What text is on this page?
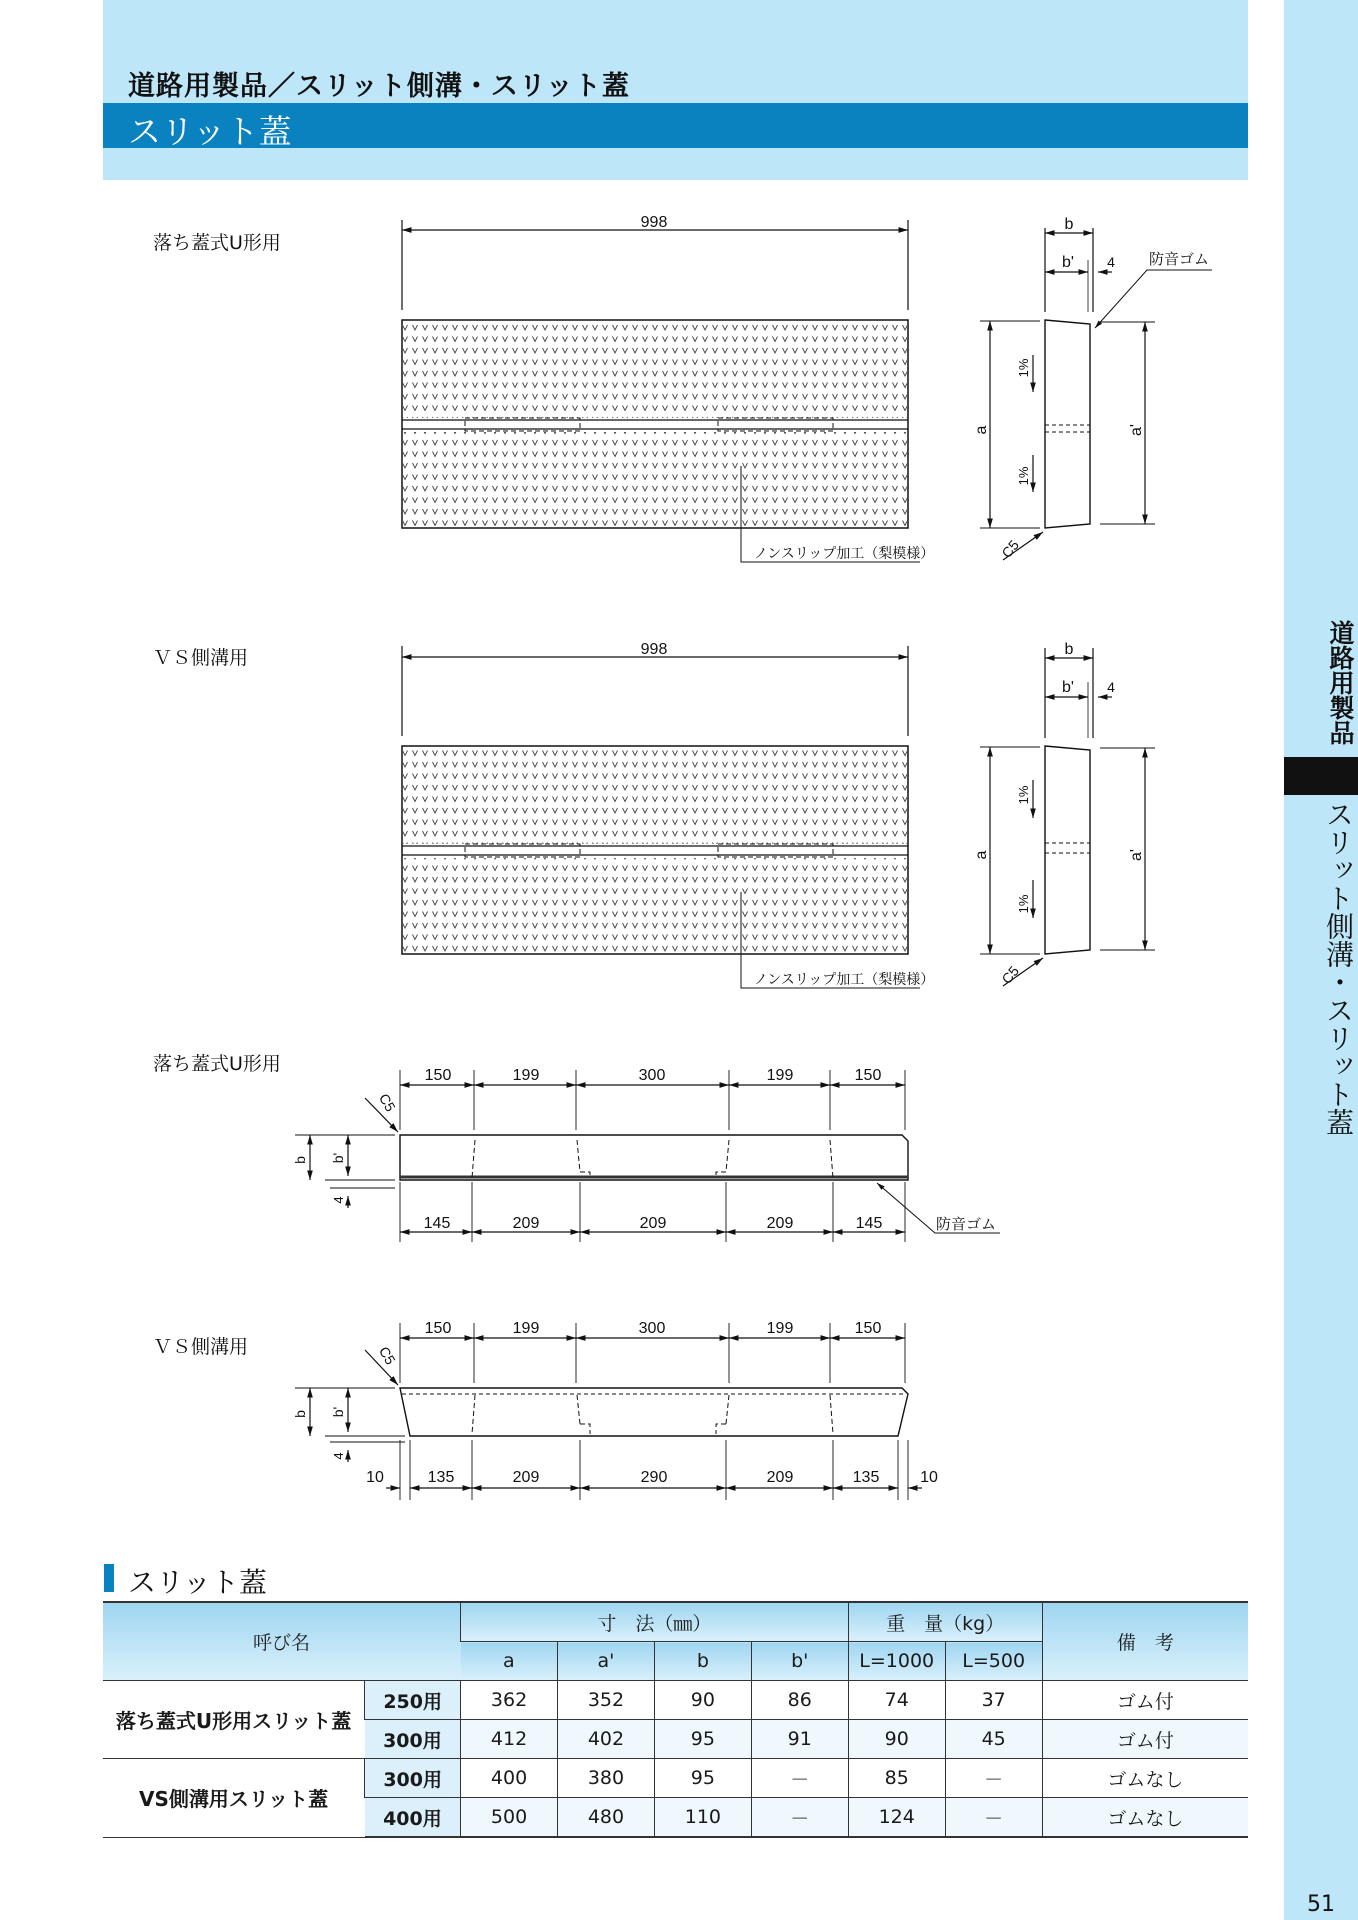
道路用製品／スリット側溝・スリット蓋
スリット蓋
道路用製品
スリット側溝・スリット蓋
51
落ち蓋式U形用
ＶＳ側溝用
落ち蓋式U形用
ＶＳ側溝用
998
ノンスリップ加工（梨模様）
b
b' 4 防音ゴム
a	a'
1%
1%
C5
998
ノンスリップ加工（梨模様）
b
b' 4
a	a'
1%
1%
C5
150	199	300	199	150
145	209	209	209	145
C5
b b'
4
防音ゴム
150	199	300	199	150
10	135	209	290	209	135	10
C5
b b'
4
スリット蓋
呼び名		寸　法（㎜）				重　量（kg）		備　考
		a	a'	b	b'	L=1000	L=500	
落ち蓋式U形用スリット蓋	250用	362	352	90	86	74	37	ゴム付
	300用	412	402	95	91	90	45	ゴム付
VS側溝用スリット蓋	300用	400	380	95	－	85	－	ゴムなし
	400用	500	480	110	－	124	－	ゴムなし
